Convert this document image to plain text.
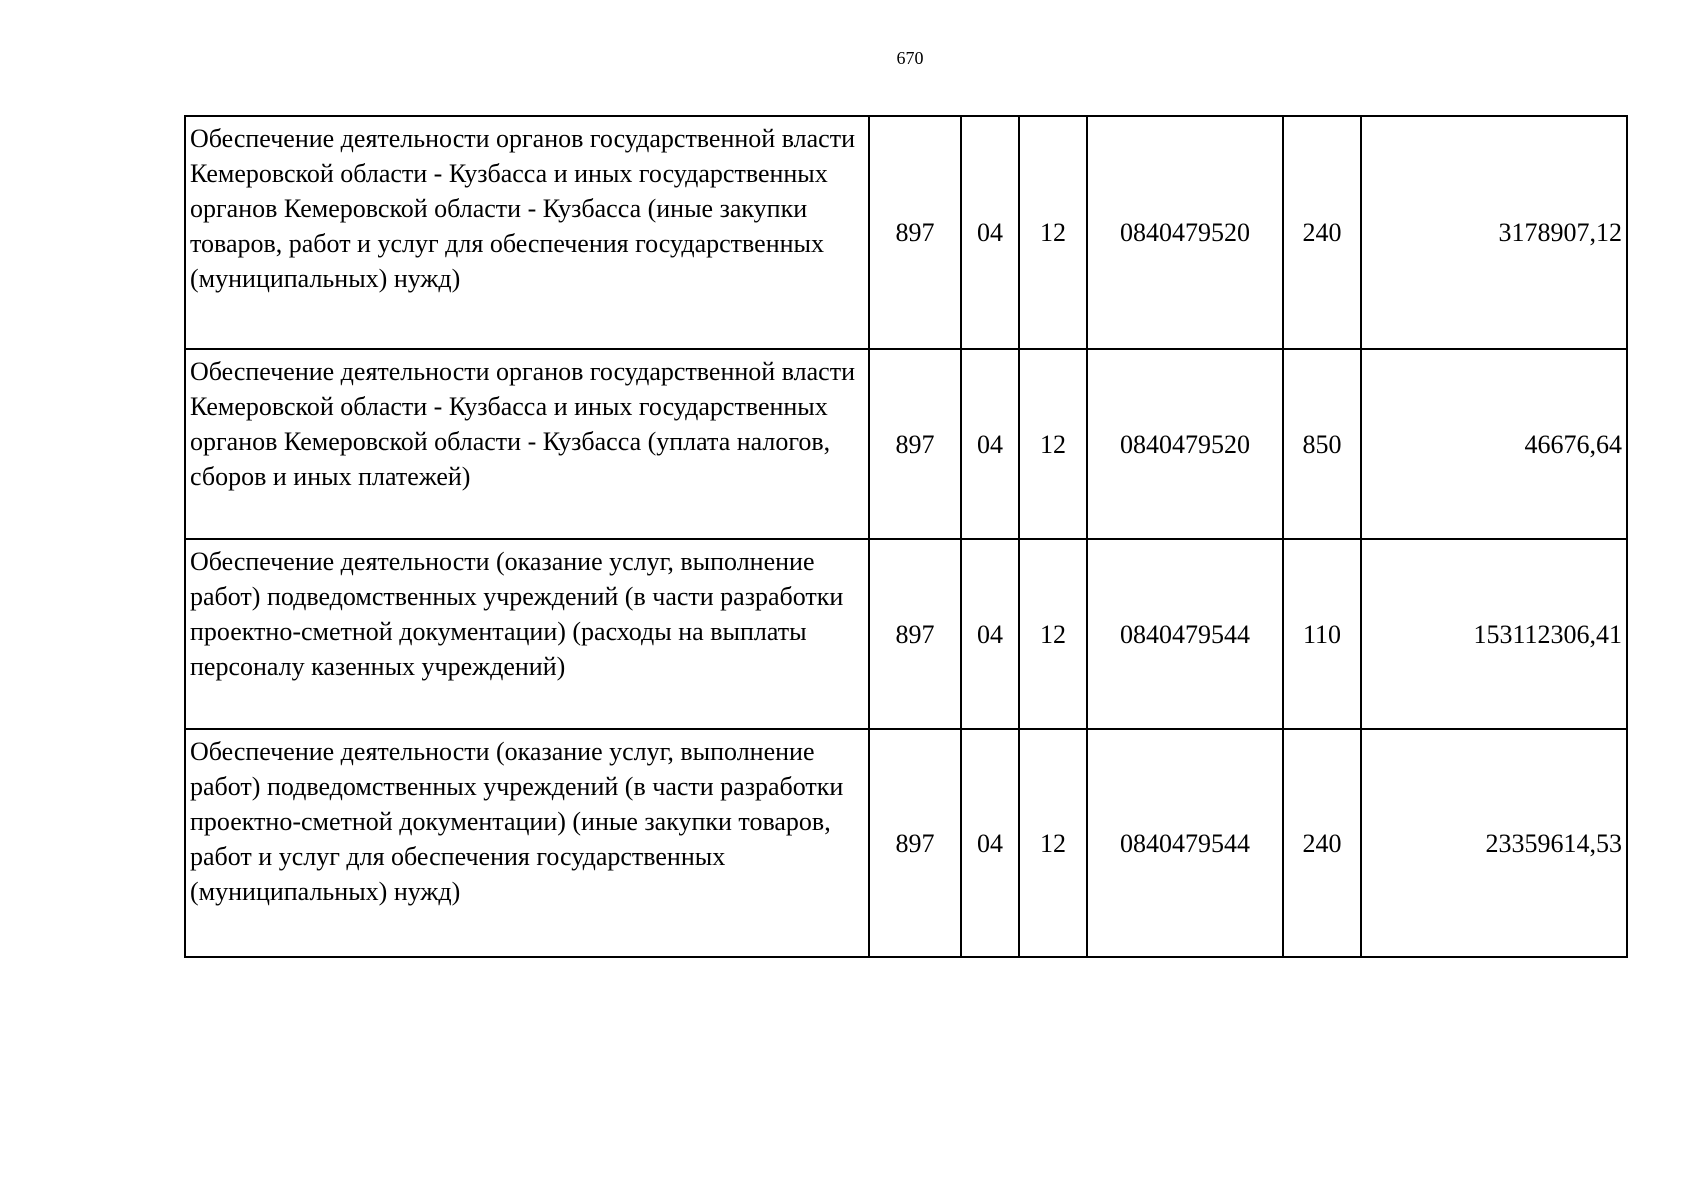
670
Обеспечение деятельности органов государственной власти Кемеровской области - Кузбасса и иных государственных органов Кемеровской области - Кузбасса (иные закупки товаров, работ и услуг для обеспечения государственных (муниципальных) нужд)	897	04	12	0840479520	240	3178907,12
Обеспечение деятельности органов государственной власти Кемеровской области - Кузбасса и иных государственных органов Кемеровской области - Кузбасса (уплата налогов, сборов и иных платежей)	897	04	12	0840479520	850	46676,64
Обеспечение деятельности (оказание услуг, выполнение работ) подведомственных учреждений (в части разработки проектно-сметной документации) (расходы на выплаты персоналу казенных учреждений)	897	04	12	0840479544	110	153112306,41
Обеспечение деятельности (оказание услуг, выполнение работ) подведомственных учреждений (в части разработки проектно-сметной документации) (иные закупки товаров, работ и услуг для обеспечения государственных (муниципальных) нужд)	897	04	12	0840479544	240	23359614,53
